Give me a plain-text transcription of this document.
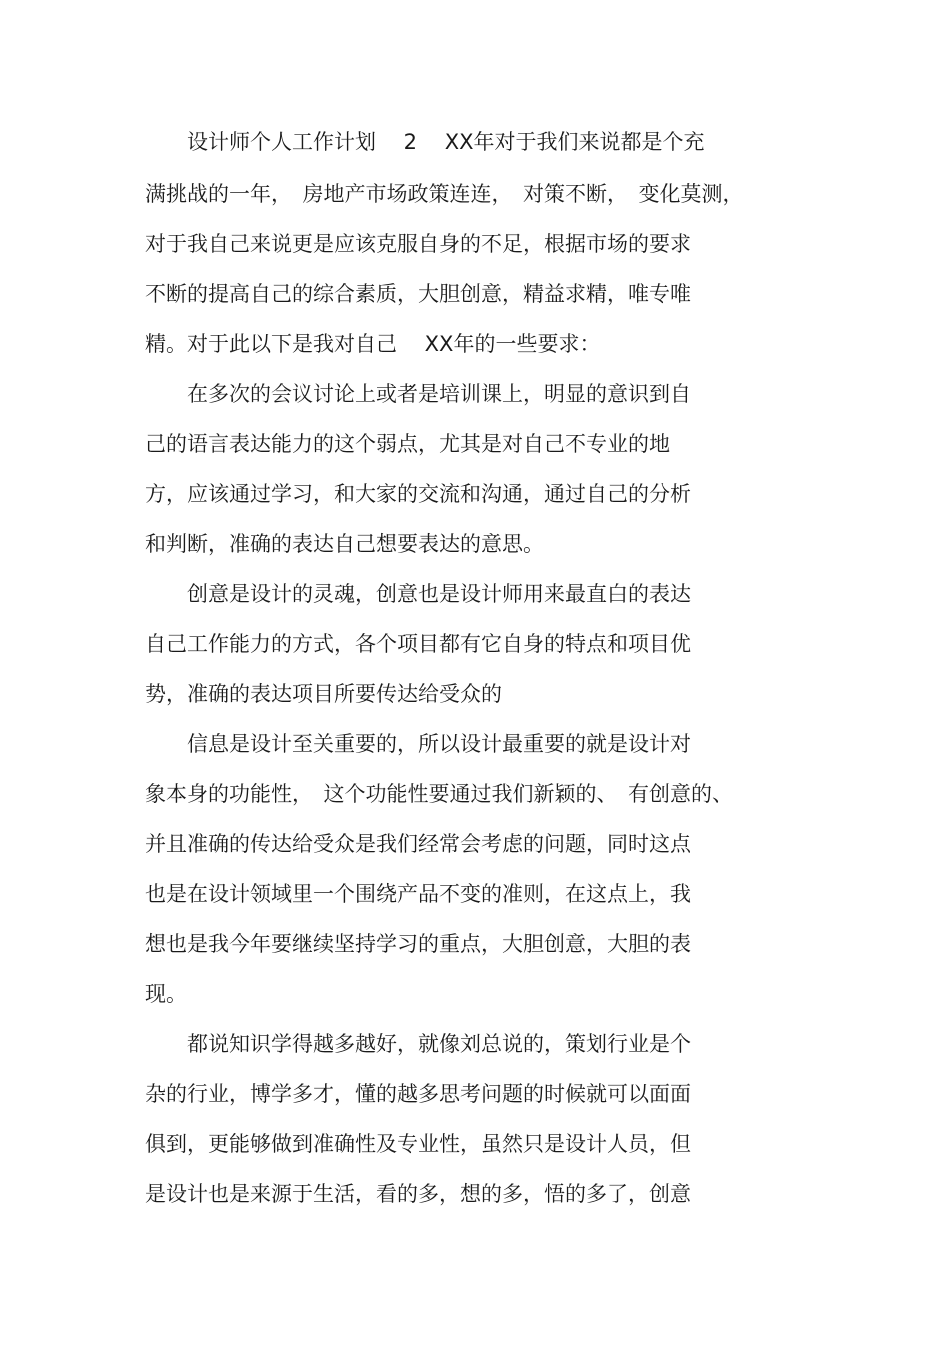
　　设计师个人工作计划　 2　 XX年对于我们来说都是个充
满挑战的一年，　房地产市场政策连连，　对策不断，　变化莫测，
对于我自己来说更是应该克服自身的不足，根据市场的要求
不断的提高自己的综合素质，大胆创意，精益求精，唯专唯
精。对于此以下是我对自己　 XX年的一些要求：
　　在多次的会议讨论上或者是培训课上，明显的意识到自
己的语言表达能力的这个弱点，尤其是对自己不专业的地
方，应该通过学习，和大家的交流和沟通，通过自己的分析
和判断，准确的表达自己想要表达的意思。
　　创意是设计的灵魂，创意也是设计师用来最直白的表达
自己工作能力的方式，各个项目都有它自身的特点和项目优
势，准确的表达项目所要传达给受众的
　　信息是设计至关重要的，所以设计最重要的就是设计对
象本身的功能性，　这个功能性要通过我们新颖的、　有创意的、
并且准确的传达给受众是我们经常会考虑的问题，同时这点
也是在设计领域里一个围绕产品不变的准则，在这点上，我
想也是我今年要继续坚持学习的重点，大胆创意，大胆的表
现。
　　都说知识学得越多越好，就像刘总说的，策划行业是个
杂的行业，博学多才，懂的越多思考问题的时候就可以面面
俱到，更能够做到准确性及专业性，虽然只是设计人员，但
是设计也是来源于生活，看的多，想的多，悟的多了，创意
